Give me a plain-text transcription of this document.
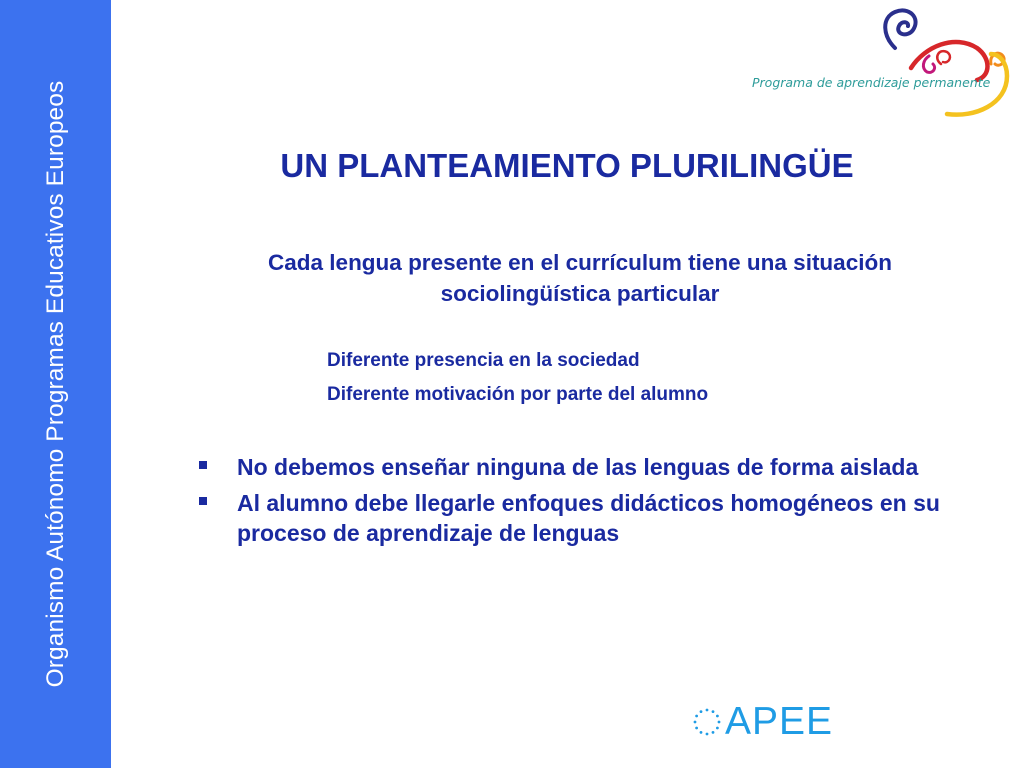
Organismo Autónomo Programas Educativos Europeos	Programa de aprendizaje permanente
UN PLANTEAMIENTO PLURILINGÜE

Cada lengua presente en el currículum tiene una situación sociolingüística particular

Diferente presencia en la sociedad
Diferente motivación por parte del alumno
No debemos enseñar ninguna de las lenguas de forma aislada
Al alumno debe llegarle enfoques didácticos homogéneos en su proceso de aprendizaje de lenguas
APEE
